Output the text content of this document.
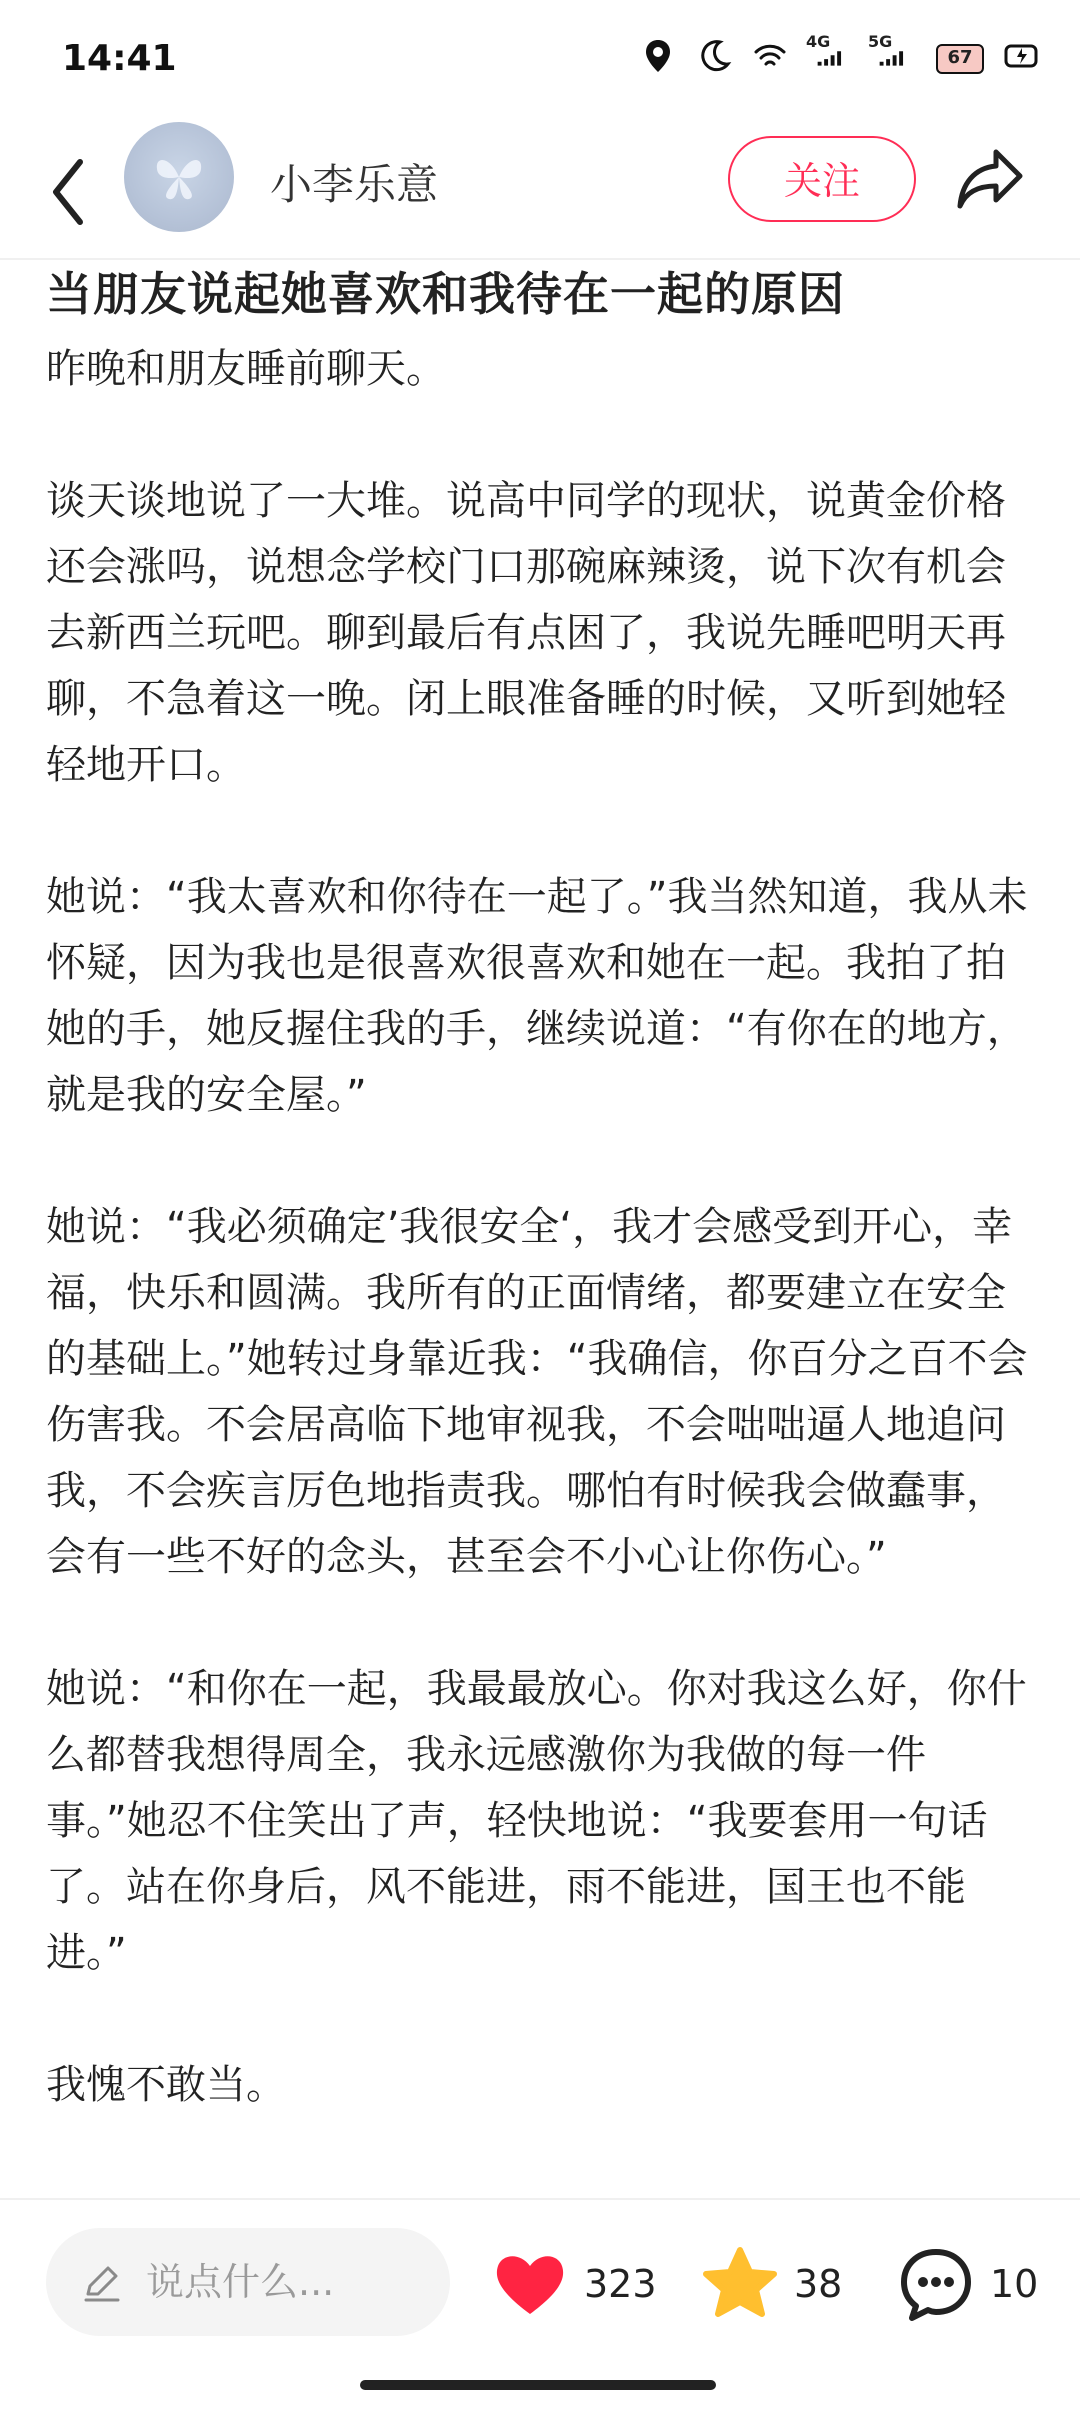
14:41	4G 5G
67
小李乐意	关注
当朋友说起她喜欢和我待在一起的原因

昨晚和朋友睡前聊天。

谈天谈地说了一大堆。说高中同学的现状，说黄金价格还会涨吗，说想念学校门口那碗麻辣烫，说下次有机会去新西兰玩吧。聊到最后有点困了，我说先睡吧明天再聊，不急着这一晚。闭上眼准备睡的时候，又听到她轻轻地开口。

她说：“我太喜欢和你待在一起了。”我当然知道，我从未怀疑，因为我也是很喜欢很喜欢和她在一起。我拍了拍她的手，她反握住我的手，继续说道：“有你在的地方，就是我的安全屋。”

她说：“我必须确定’我很安全‘，我才会感受到开心，幸福，快乐和圆满。我所有的正面情绪，都要建立在安全的基础上。”她转过身靠近我：“我确信，你百分之百不会伤害我。不会居高临下地审视我，不会咄咄逼人地追问我，不会疾言厉色地指责我。哪怕有时候我会做蠢事，会有一些不好的念头，甚至会不小心让你伤心。”

她说：“和你在一起，我最最放心。你对我这么好，你什么都替我想得周全，我永远感激你为我做的每一件事。”她忍不住笑出了声，轻快地说：“我要套用一句话了。站在你身后，风不能进，雨不能进，国王也不能进。”

我愧不敢当。

说点什么...
323	38	10
